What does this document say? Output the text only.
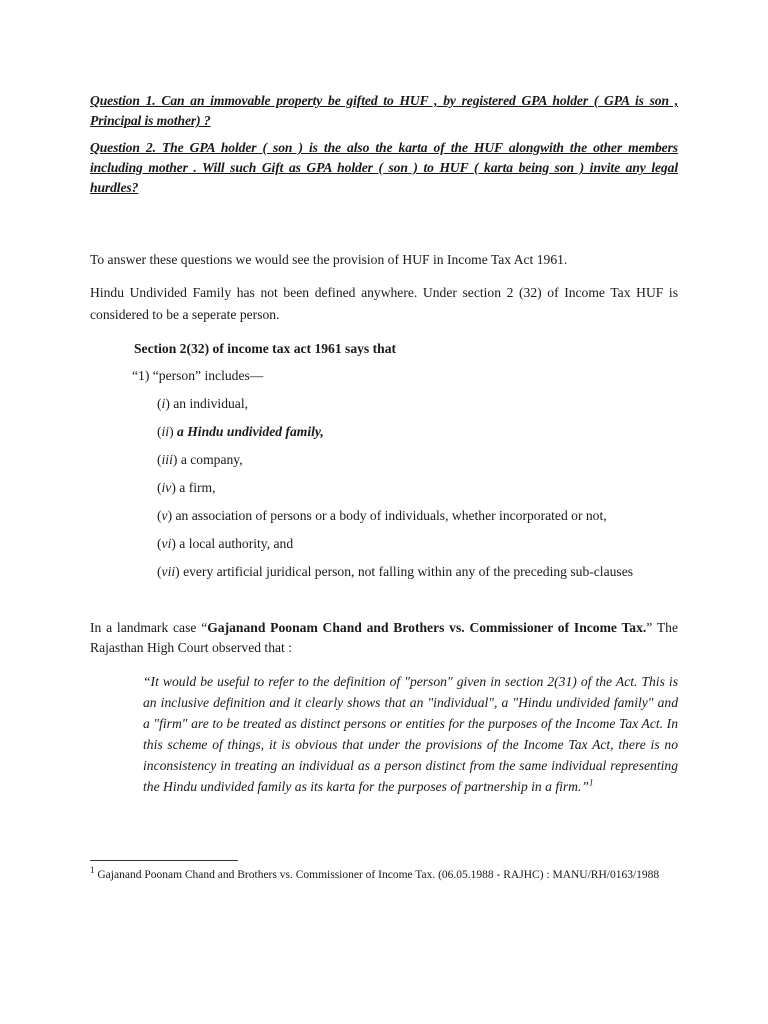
Question 1. Can an immovable property be gifted to HUF , by registered GPA holder ( GPA is son , Principal is mother) ?

Question 2. The GPA holder ( son ) is the also the karta of the HUF alongwith the other members including mother . Will such Gift as GPA holder ( son ) to HUF ( karta being son ) invite any legal hurdles?

To answer these questions we would see the provision of HUF in Income Tax Act 1961.

Hindu Undivided Family has not been defined anywhere. Under section 2 (32) of Income Tax HUF is considered to be a seperate person.

Section 2(32) of income tax act 1961 says that
“1) “person” includes—
(i) an individual,
(ii) a Hindu undivided family,
(iii) a company,
(iv) a firm,
(v) an association of persons or a body of individuals, whether incorporated or not,
(vi) a local authority, and
(vii) every artificial juridical person, not falling within any of the preceding sub-clauses

In a landmark case “Gajanand Poonam Chand and Brothers vs. Commissioner of Income Tax.” The Rajasthan High Court observed that :

“It would be useful to refer to the definition of "person" given in section 2(31) of the Act. This is an inclusive definition and it clearly shows that an "individual", a "Hindu undivided family" and a "firm" are to be treated as distinct persons or entities for the purposes of the Income Tax Act. In this scheme of things, it is obvious that under the provisions of the Income Tax Act, there is no inconsistency in treating an individual as a person distinct from the same individual representing the Hindu undivided family as its karta for the purposes of partnership in a firm.”$^1$

$^1$ Gajanand Poonam Chand and Brothers vs. Commissioner of Income Tax. (06.05.1988 - RAJHC) : MANU/RH/0163/1988
